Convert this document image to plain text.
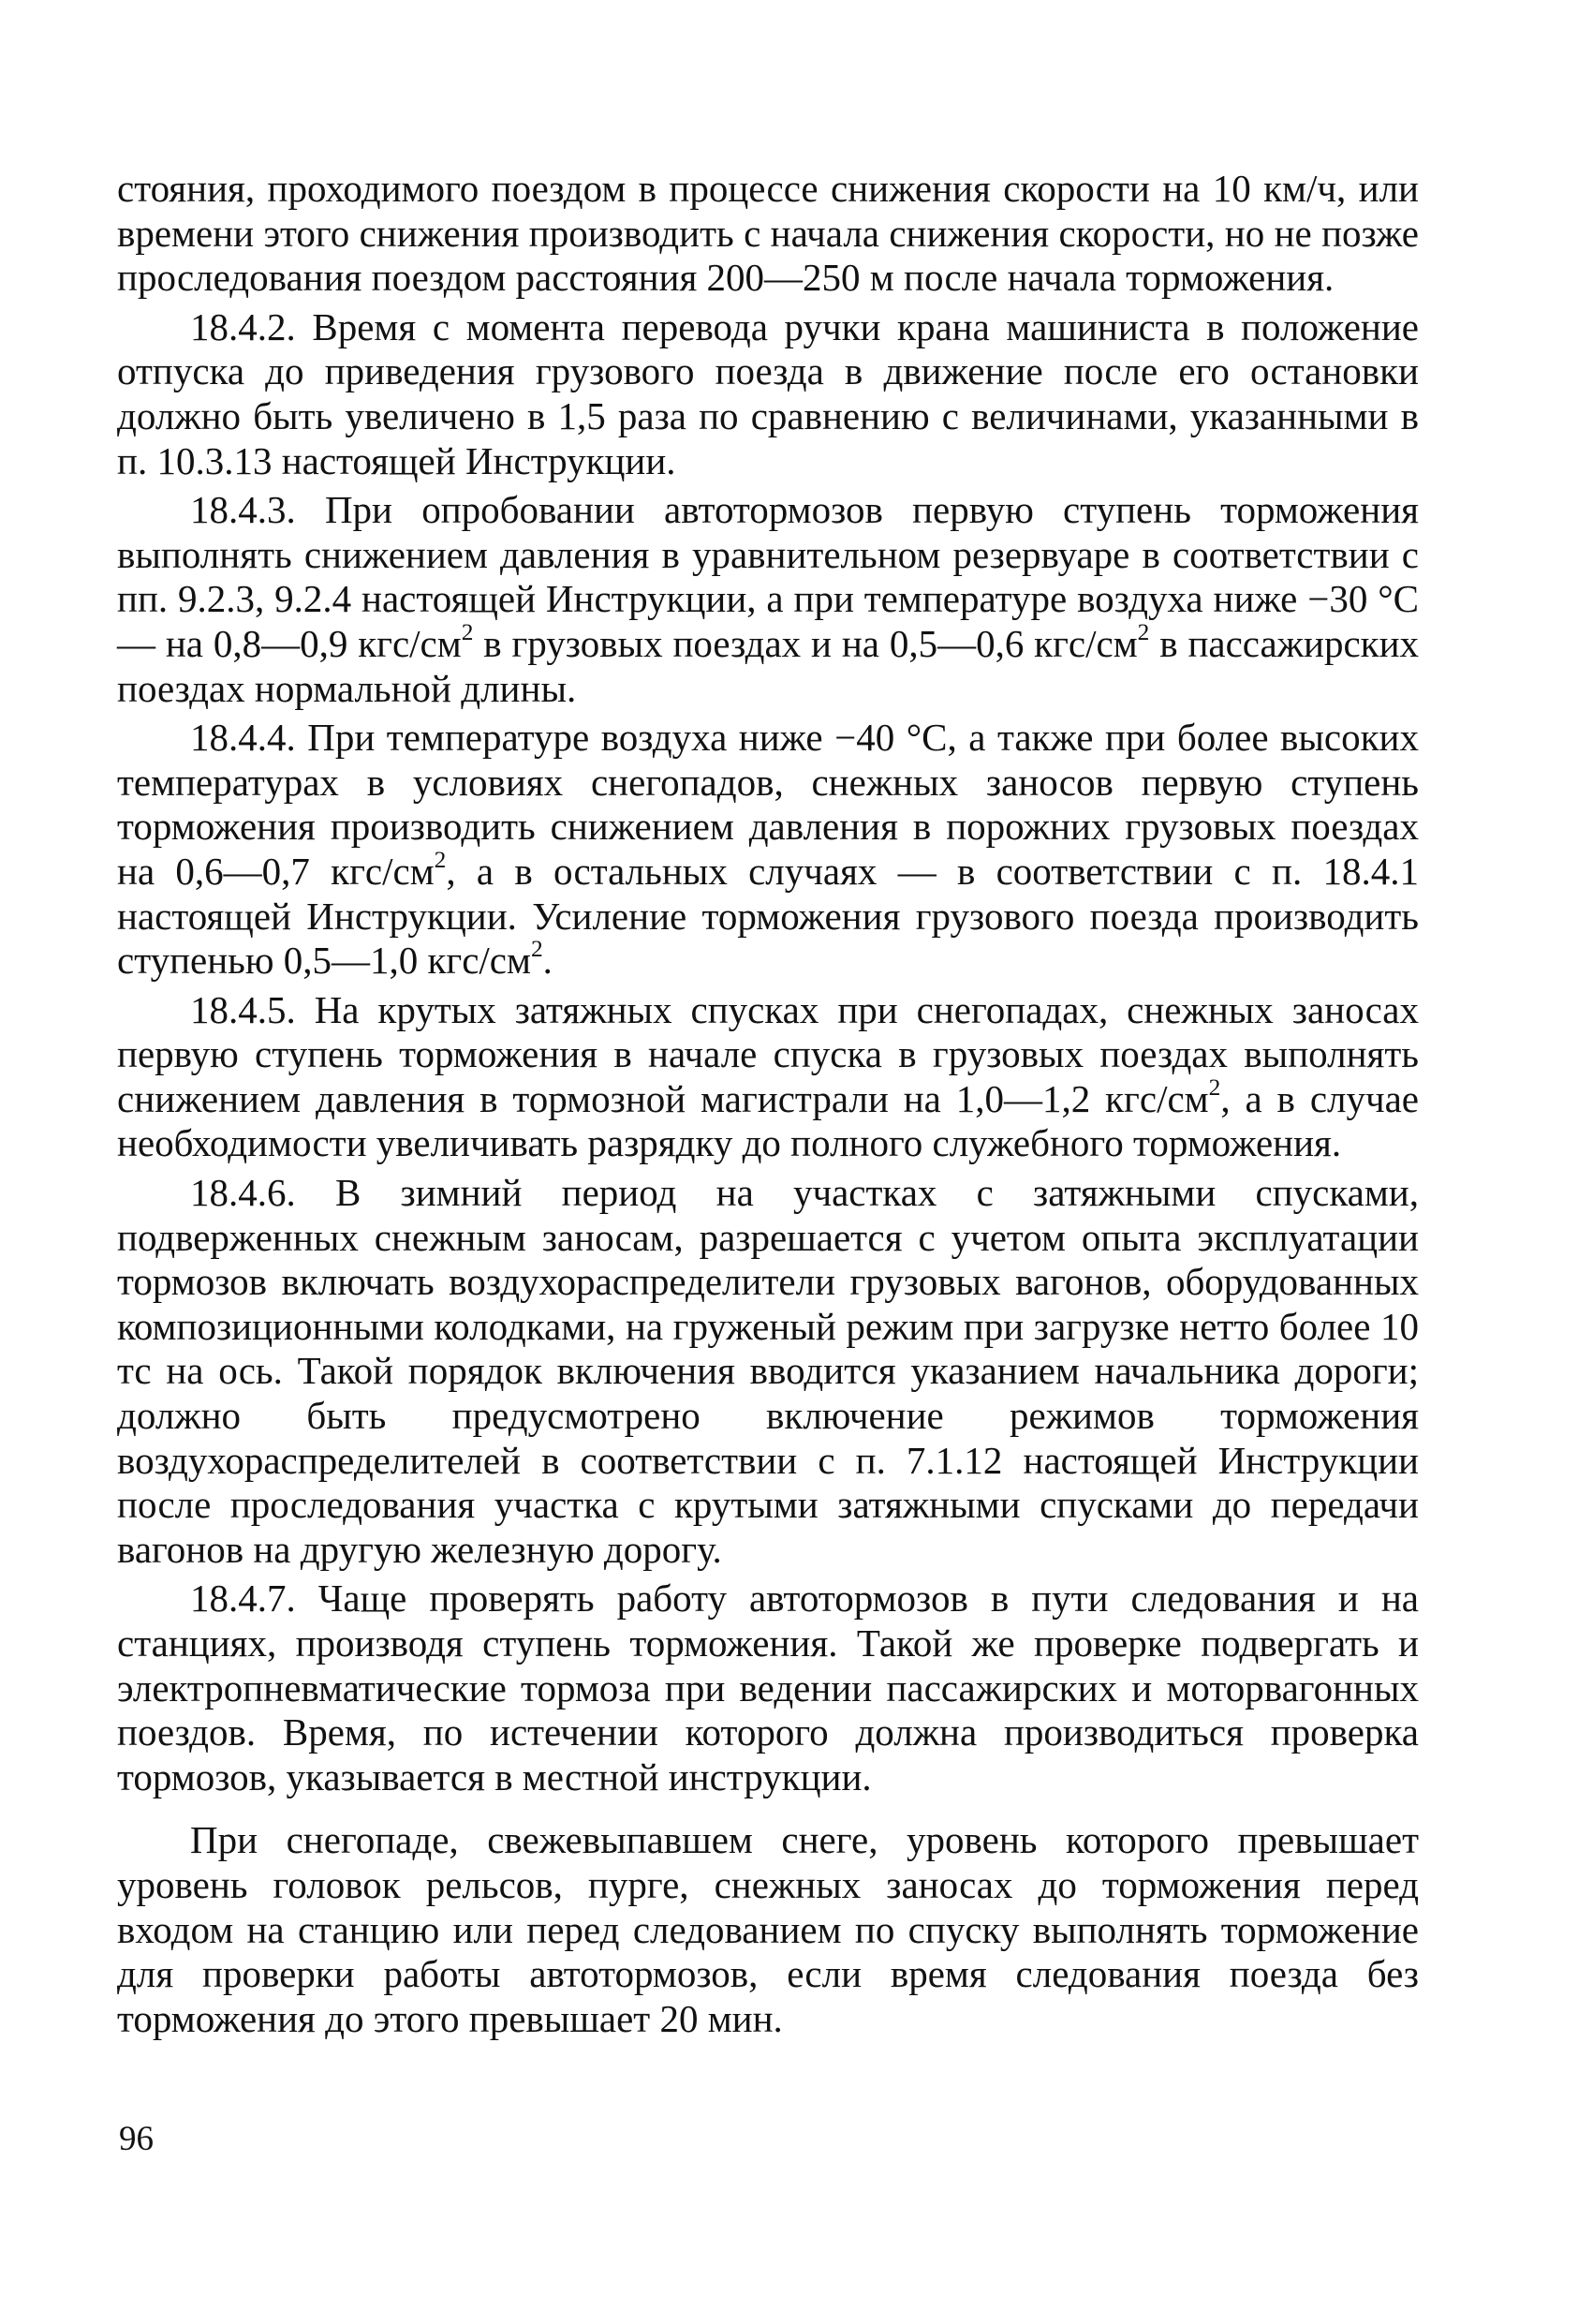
стояния, проходимого поездом в процессе снижения скорости на 10 км/ч, или времени этого снижения производить с начала снижения скорости, но не позже проследования поездом расстояния 200—250 м после начала торможения.

18.4.2. Время с момента перевода ручки крана машиниста в положение отпуска до приведения грузового поезда в движение после его остановки должно быть увеличено в 1,5 раза по сравнению с величинами, указанными в п. 10.3.13 настоящей Инструкции.

18.4.3. При опробовании автотормозов первую ступень торможения выполнять снижением давления в уравнительном резервуаре в соответствии с пп. 9.2.3, 9.2.4 настоящей Инструкции, а при температуре воздуха ниже −30 °С — на 0,8—0,9 кгс/$см^2$ в грузовых поездах и на 0,5—0,6 кгс/$см^2$ в пассажирских поездах нормальной длины.

18.4.4. При температуре воздуха ниже −40 °С, а также при более высоких температурах в условиях снегопадов, снежных заносов первую ступень торможения производить снижением давления в порожних грузовых поездах на 0,6—0,7 кгс/$см^2$, а в остальных случаях — в соответствии с п. 18.4.1 настоящей Инструкции. Усиление торможения грузового поезда производить ступенью 0,5—1,0 кгс/$см^2$.

18.4.5. На крутых затяжных спусках при снегопадах, снежных заносах первую ступень торможения в начале спуска в грузовых поездах выполнять снижением давления в тормозной магистрали на 1,0—1,2 кгс/$см^2$, а в случае необходимости увеличивать разрядку до полного служебного торможения.

18.4.6. В зимний период на участках с затяжными спусками, подверженных снежным заносам, разрешается с учетом опыта эксплуатации тормозов включать воздухораспределители грузовых вагонов, оборудованных композиционными колодками, на груженый режим при загрузке нетто более 10 тс на ось. Такой порядок включения вводится указанием начальника дороги; должно быть предусмотрено включение режимов торможения воздухораспределителей в соответствии с п. 7.1.12 настоящей Инструкции после проследования участка с крутыми затяжными спусками до передачи вагонов на другую железную дорогу.

18.4.7. Чаще проверять работу автотормозов в пути следования и на станциях, производя ступень торможения. Такой же проверке подвергать и электропневматические тормоза при ведении пассажирских и моторвагонных поездов. Время, по истечении которого должна производиться проверка тормозов, указывается в местной инструкции.

При снегопаде, свежевыпавшем снеге, уровень которого превышает уровень головок рельсов, пурге, снежных заносах до торможения перед входом на станцию или перед следованием по спуску выполнять торможение для проверки работы автотормозов, если время следования поезда без торможения до этого превышает 20 мин.

96
